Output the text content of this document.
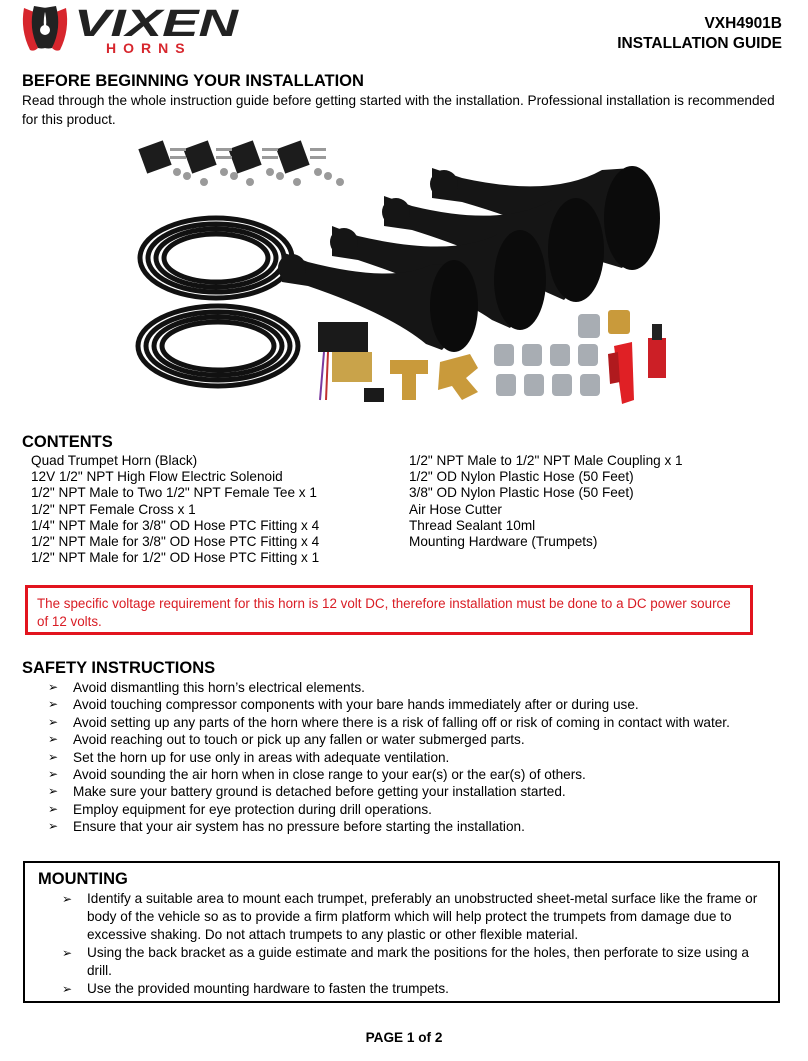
VIXEN
HORNS
VXH4901B
INSTALLATION GUIDE
BEFORE BEGINNING YOUR INSTALLATION
Read through the whole instruction guide before getting started with the installation. Professional installation is recommended for this product.
CONTENTS
Quad Trumpet Horn (Black)
12V 1/2" NPT High Flow Electric Solenoid
1/2" NPT Male to Two 1/2" NPT Female Tee x 1
1/2" NPT Female Cross x 1
1/4" NPT Male for 3/8" OD Hose PTC Fitting x 4
1/2" NPT Male for 3/8" OD Hose PTC Fitting x 4
1/2" NPT Male for 1/2" OD Hose PTC Fitting x 1
1/2" NPT Male to 1/2" NPT Male Coupling x 1
1/2" OD Nylon Plastic Hose (50 Feet)
3/8" OD Nylon Plastic Hose (50 Feet)
Air Hose Cutter
Thread Sealant 10ml
Mounting Hardware (Trumpets)
The specific voltage requirement for this horn is 12 volt DC, therefore installation must be done to a DC power source of 12 volts.
SAFETY INSTRUCTIONS
➢ Avoid dismantling this horn’s electrical elements.
➢ Avoid touching compressor components with your bare hands immediately after or during use.
➢ Avoid setting up any parts of the horn where there is a risk of falling off or risk of coming in contact with water.
➢ Avoid reaching out to touch or pick up any fallen or water submerged parts.
➢ Set the horn up for use only in areas with adequate ventilation.
➢ Avoid sounding the air horn when in close range to your ear(s) or the ear(s) of others.
➢ Make sure your battery ground is detached before getting your installation started.
➢ Employ equipment for eye protection during drill operations.
➢ Ensure that your air system has no pressure before starting the installation.
MOUNTING
➢ Identify a suitable area to mount each trumpet, preferably an unobstructed sheet-metal surface like the frame or body of the vehicle so as to provide a firm platform which will help protect the trumpets from damage due to excessive shaking. Do not attach trumpets to any plastic or other flexible material.
➢ Using the back bracket as a guide estimate and mark the positions for the holes, then perforate to size using a drill.
➢ Use the provided mounting hardware to fasten the trumpets.
PAGE 1 of 2
